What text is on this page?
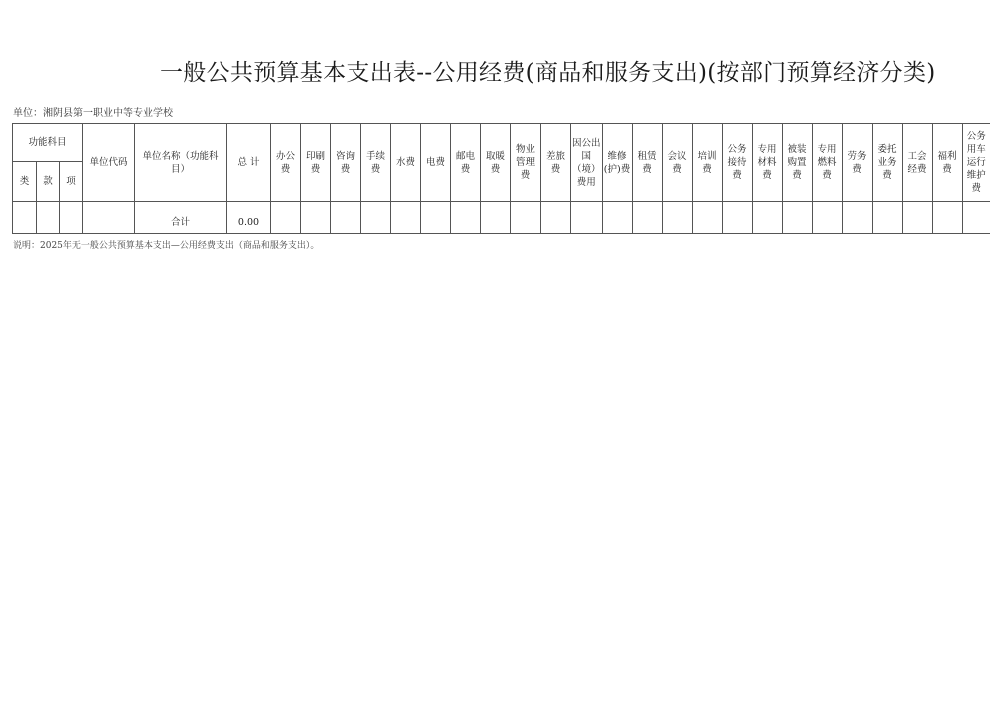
一般公共预算基本支出表--公用经费(商品和服务支出)(按部门预算经济分类)
单位：湘阴县第一职业中等专业学校
功能科目			单位代码	单位名称（功能科目）	总 计	办公费	印刷费	咨询费	手续费	水费	电费	邮电费	取暖费	物业管理费	差旅费	因公出国（境）费用	维修(护)费	租赁费	会议费	培训费	公务接待费	专用材料费	被装购置费	专用燃料费	劳务费	委托业务费	工会经费	福利费	公务用车运行维护费
类	款	项																											
				合计	0.00																								
说明：2025年无一般公共预算基本支出—公用经费支出（商品和服务支出）。
